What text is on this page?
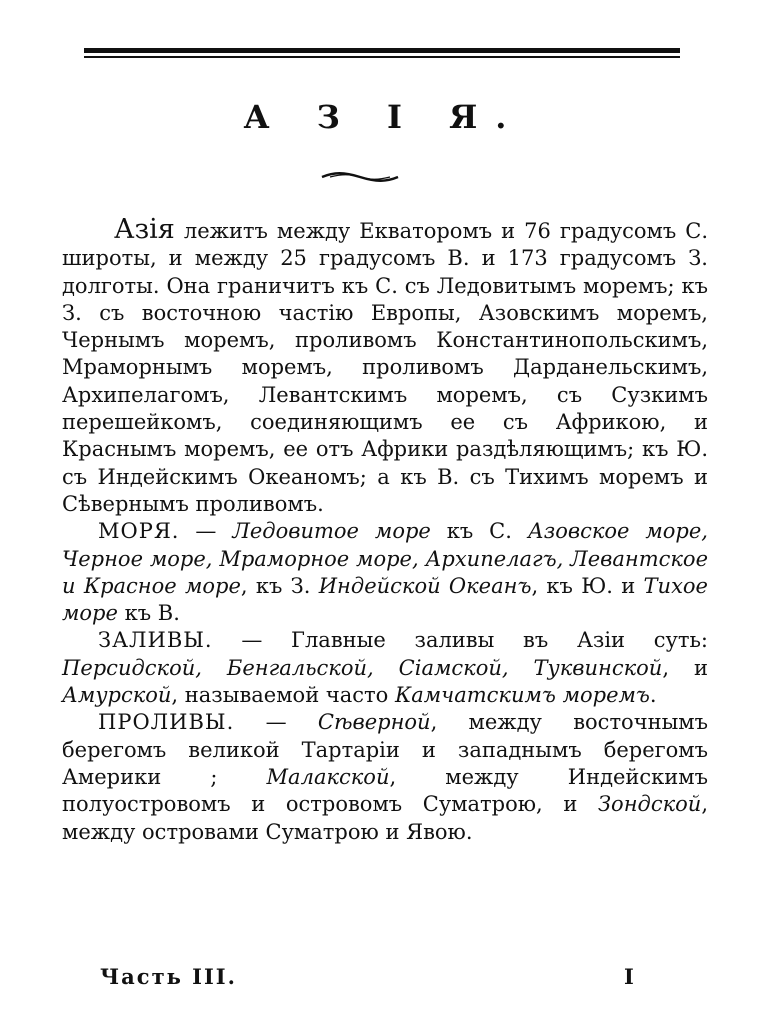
А З І Я.

Азія лежитъ между Екваторомъ и 76 градусомъ С. широты, и между 25 градусомъ В. и 173 градусомъ З. долготы. Она граничитъ къ С. съ Ледовитымъ моремъ; къ З. съ восточною частію Европы, Азовскимъ моремъ, Чернымъ моремъ, проливомъ Константинопольскимъ, Мраморнымъ моремъ, проливомъ Дарданельскимъ, Архипелагомъ, Левантскимъ моремъ, съ Сузкимъ перешейкомъ, соединяющимъ ее съ Африкою, и Краснымъ моремъ, ее отъ Африки раздѣляющимъ; къ Ю. съ Индейскимъ Океаномъ; а къ В. съ Тихимъ моремъ и Сѣвернымъ проливомъ.

МОРЯ. — Ледовитое море къ С. Азовское море, Черное море, Мраморное море, Архипелагъ, Левантское и Красное море, къ З. Индейской Океанъ, къ Ю. и Тихое море къ В.

ЗАЛИВЫ. — Главные заливы въ Азіи суть: Персидской, Бенгальской, Сіамской, Туквинской, и Амурской, называемой часто Камчатскимъ моремъ.

ПРОЛИВЫ. — Сѣверной, между восточнымъ берегомъ великой Тартаріи и западнымъ берегомъ Америки ; Малакской, между Индейскимъ полуостровомъ и островомъ Суматрою, и Зондской, между островами Суматрою и Явою.

Часть III.	I
